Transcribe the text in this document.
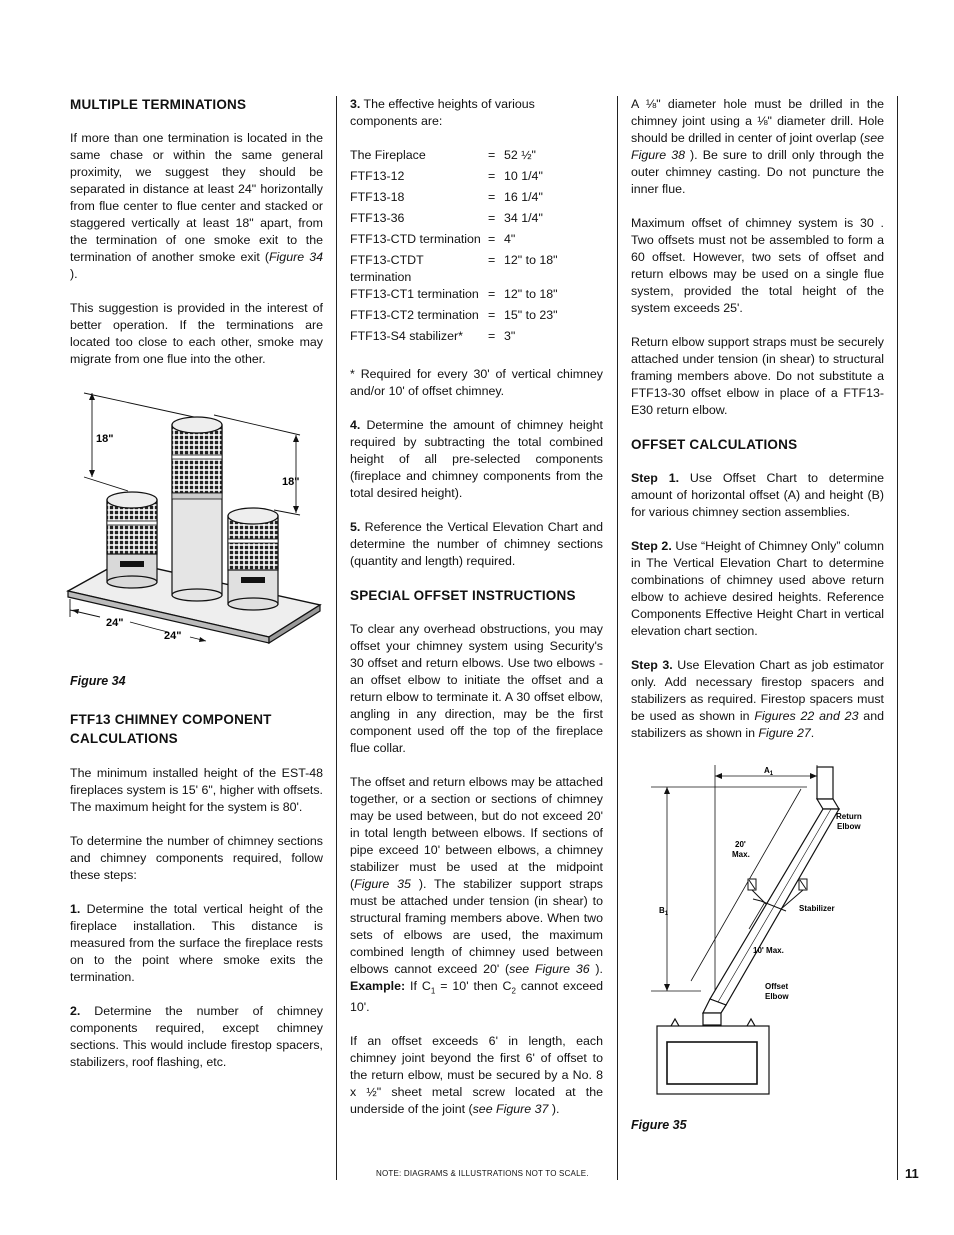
MULTIPLE TERMINATIONS

If more than one termination is located in the same chase or within the same general proximity, we suggest they should be separated in distance at least 24" horizontally from flue center to flue center and stacked or staggered vertically at least 18" apart, from the termination of one smoke exit to the termination of another smoke exit (Figure 34 ).

This suggestion is provided in the interest of better operation. If the terminations are located too close to each other, smoke may migrate from one flue into the other.

18"
18"
24"
24"

Figure 34

FTF13 CHIMNEY COMPONENT CALCULATIONS

The minimum installed height of the EST-48 fireplaces system is 15' 6", higher with offsets. The maximum height for the system is 80'.

To determine the number of chimney sections and chimney components required, follow these steps:

1. Determine the total vertical height of the fireplace installation. This distance is measured from the surface the fireplace rests on to the point where smoke exits the termination.

2. Determine the number of chimney components required, except chimney sections. This would include firestop spacers, stabilizers, roof flashing, etc.

3. The effective heights of various components are:

The Fireplace	=	52 ½"
FTF13-12	=	10 1/4"
FTF13-18	=	16 1/4"
FTF13-36	=	34 1/4"
FTF13-CTD termination	=	4"
FTF13-CTDT termination	=	12" to 18"
FTF13-CT1 termination	=	12" to 18"
FTF13-CT2 termination	=	15" to 23"
FTF13-S4 stabilizer*	=	3"

* Required for every 30' of vertical chimney and/or 10' of offset chimney.

4. Determine the amount of chimney height required by subtracting the total combined height of all pre-selected components (fireplace and chimney components from the total desired height).

5. Reference the Vertical Elevation Chart and determine the number of chimney sections (quantity and length) required.

SPECIAL OFFSET INSTRUCTIONS

To clear any overhead obstructions, you may offset your chimney system using Security's 30 offset and return elbows. Use two elbows - an offset elbow to initiate the offset and a return elbow to terminate it. A 30 offset elbow, angling in any direction, may be the first component used off the top of the fireplace flue collar.

The offset and return elbows may be attached together, or a section or sections of chimney may be used between, but do not exceed 20' in total length between elbows. If sections of pipe exceed 10' between elbows, a chimney stabilizer must be used at the midpoint (Figure 35 ). The stabilizer support straps must be attached under tension (in shear) to structural framing members above. When two sets of elbows are used, the maximum combined length of chimney used between elbows cannot exceed 20' (see Figure 36 ). Example: If $C_1 = 10'$ then $C_2$ cannot exceed 10'.

If an offset exceeds 6' in length, each chimney joint beyond the first 6' of offset to the return elbow, must be secured by a No. 8 x ½" sheet metal screw located at the underside of the joint (see Figure 37 ).

A ⅛" diameter hole must be drilled in the chimney joint using a ⅛" diameter drill. Hole should be drilled in center of joint overlap (see Figure 38 ). Be sure to drill only through the outer chimney casting. Do not puncture the inner flue.

Maximum offset of chimney system is 30 . Two offsets must not be assembled to form a 60 offset. However, two sets of offset and return elbows may be used on a single flue system, provided the total height of the system exceeds 25'.

Return elbow support straps must be securely attached under tension (in shear) to structural framing members above. Do not substitute a FTF13-30 offset elbow in place of a FTF13-E30 return elbow.

OFFSET CALCULATIONS

Step 1. Use Offset Chart to determine amount of horizontal offset (A) and height (B) for various chimney section assemblies.

Step 2. Use “Height of Chimney Only” column in The Vertical Elevation Chart to determine combinations of chimney used above return elbow to achieve desired heights. Reference Components Effective Height Chart in vertical elevation chart section.

Step 3. Use Elevation Chart as job estimator only. Add necessary firestop spacers and stabilizers as required. Firestop spacers must be used as shown in Figures 22 and 23 and stabilizers as shown in Figure 27.

$A_1$
$B_1$
Return
Elbow
20'
Max.
Stabilizer
10' Max.
Offset
Elbow

Figure 35

NOTE: DIAGRAMS & ILLUSTRATIONS NOT TO SCALE.	11
